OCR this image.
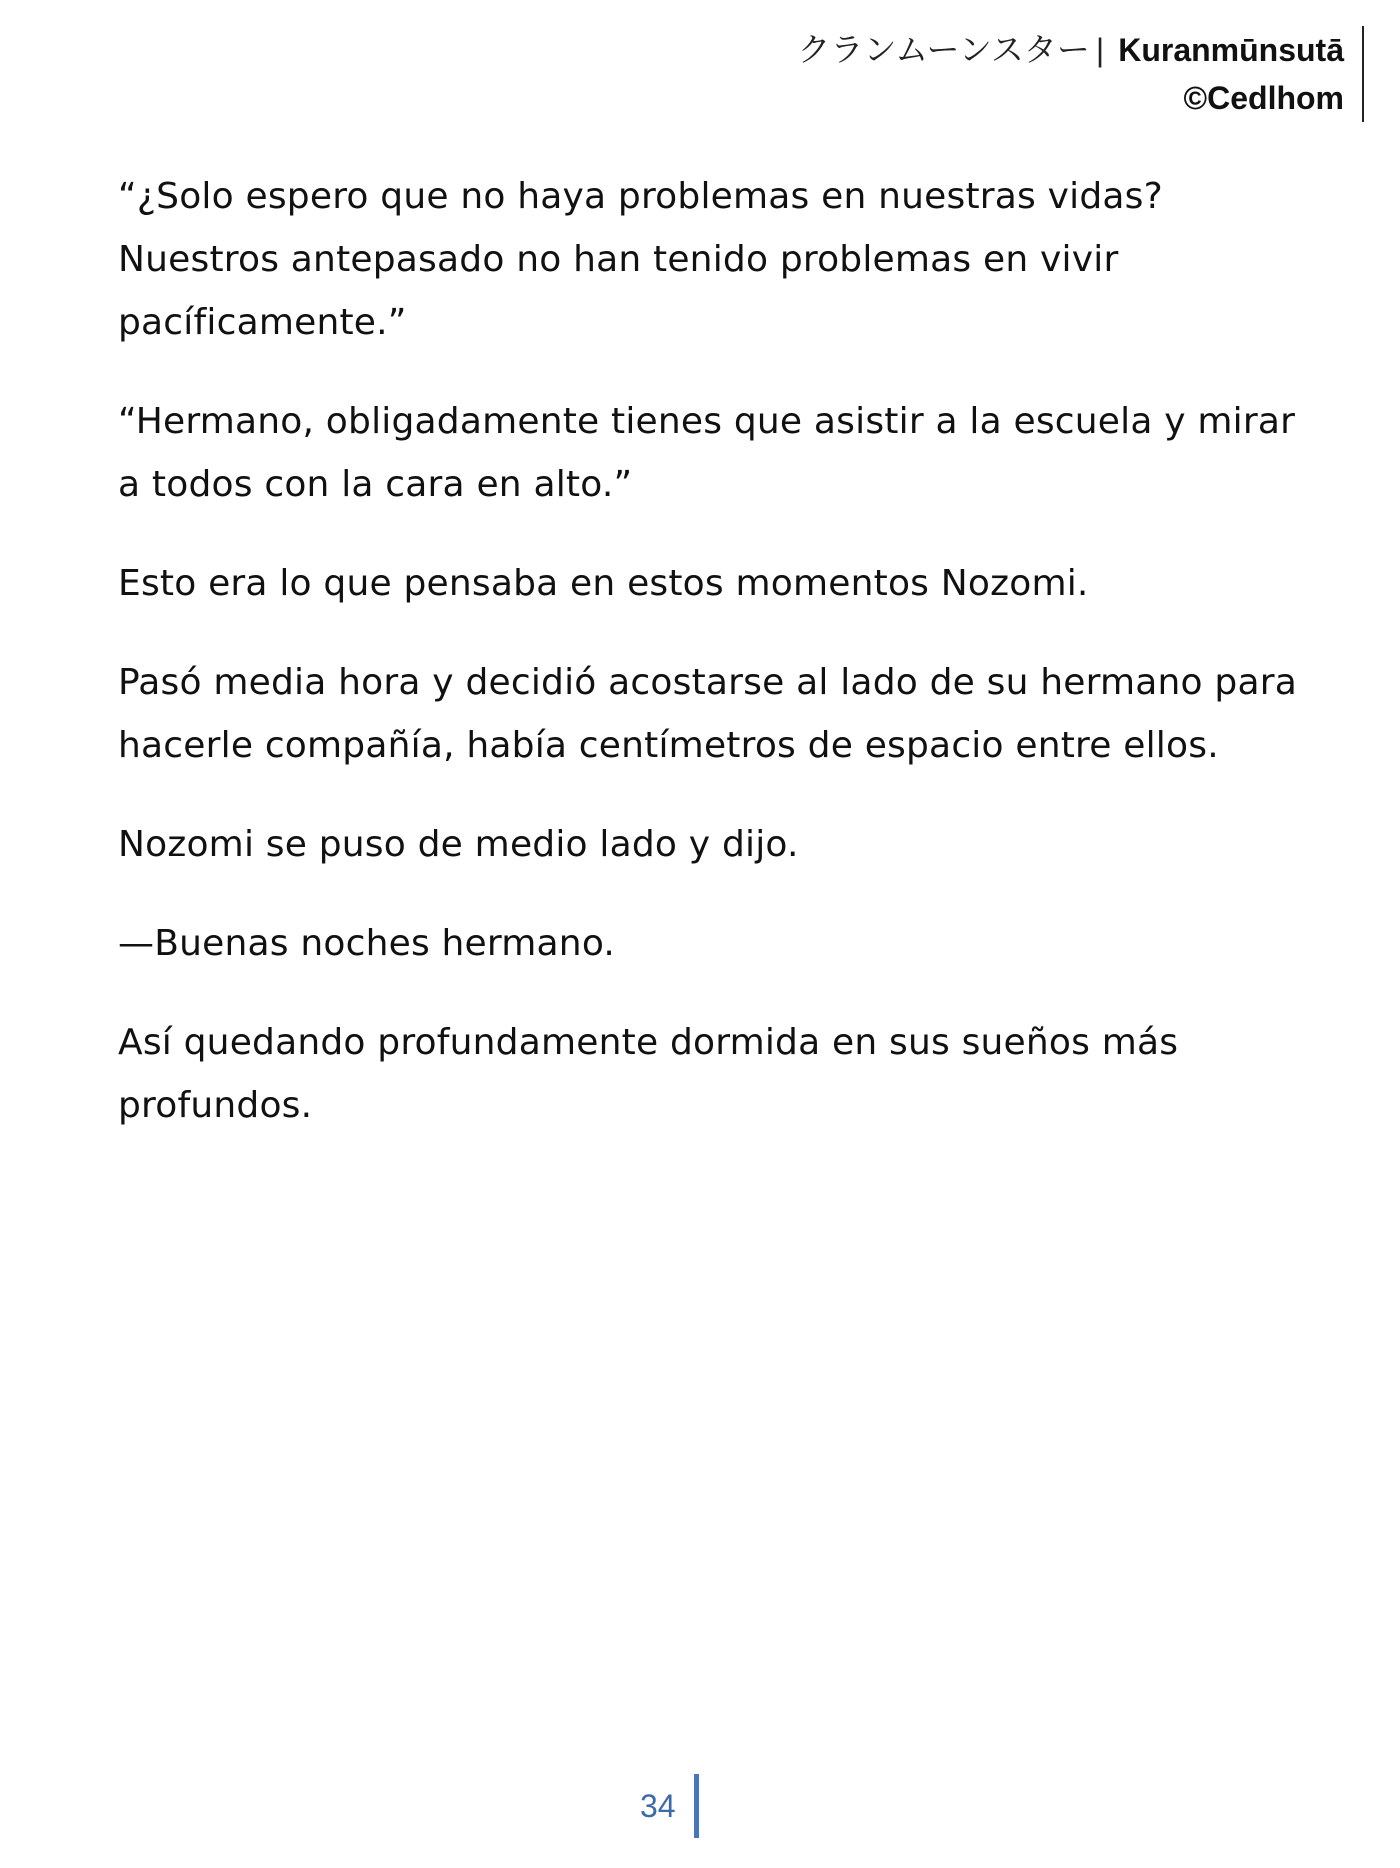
クランムーンスター | Kuranmūnsutā
©Cedlhom

“¿Solo espero que no haya problemas en nuestras vidas? Nuestros antepasado no han tenido problemas en vivir pacíficamente.”

“Hermano, obligadamente tienes que asistir a la escuela y mirar a todos con la cara en alto.”

Esto era lo que pensaba en estos momentos Nozomi.

Pasó media hora y decidió acostarse al lado de su hermano para hacerle compañía, había centímetros de espacio entre ellos.

Nozomi se puso de medio lado y dijo.

—Buenas noches hermano.

Así quedando profundamente dormida en sus sueños más profundos.

34
